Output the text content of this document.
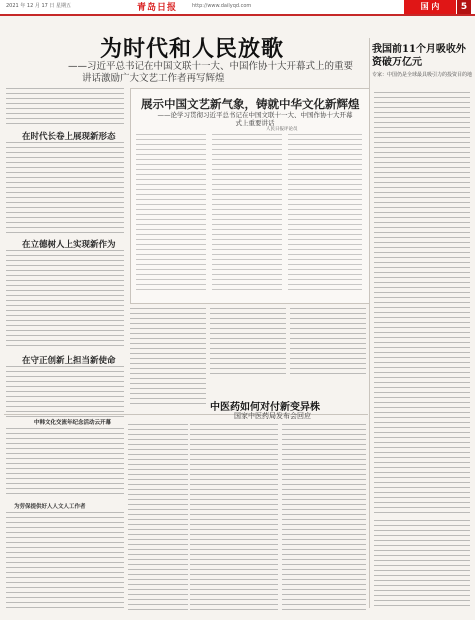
2021 年 12 月 17 日 星期五	青岛日报	http://www.dailyqd.com	国 内	5
为时代和人民放歌
——习近平总书记在中国文联十一大、中国作协十大开幕式上的重要
讲话激励广大文艺工作者再写辉煌
我国前11个月吸收外资破万亿元
专家：中国仍是全球最具吸引力的投资目的地
在时代长卷上展现新形态
在立德树人上实现新作为
在守正创新上担当新使命
展示中国文艺新气象，铸就中华文化新辉煌
——论学习贯彻习近平总书记在中国文联十一大、中国作协十大开幕式上重要讲话
人民日报评论员
中韩文化交流年纪念活动云开幕
为劳保提供好人人文人工作者
中医药如何对付新变异株
国家中医药局发布会回应
